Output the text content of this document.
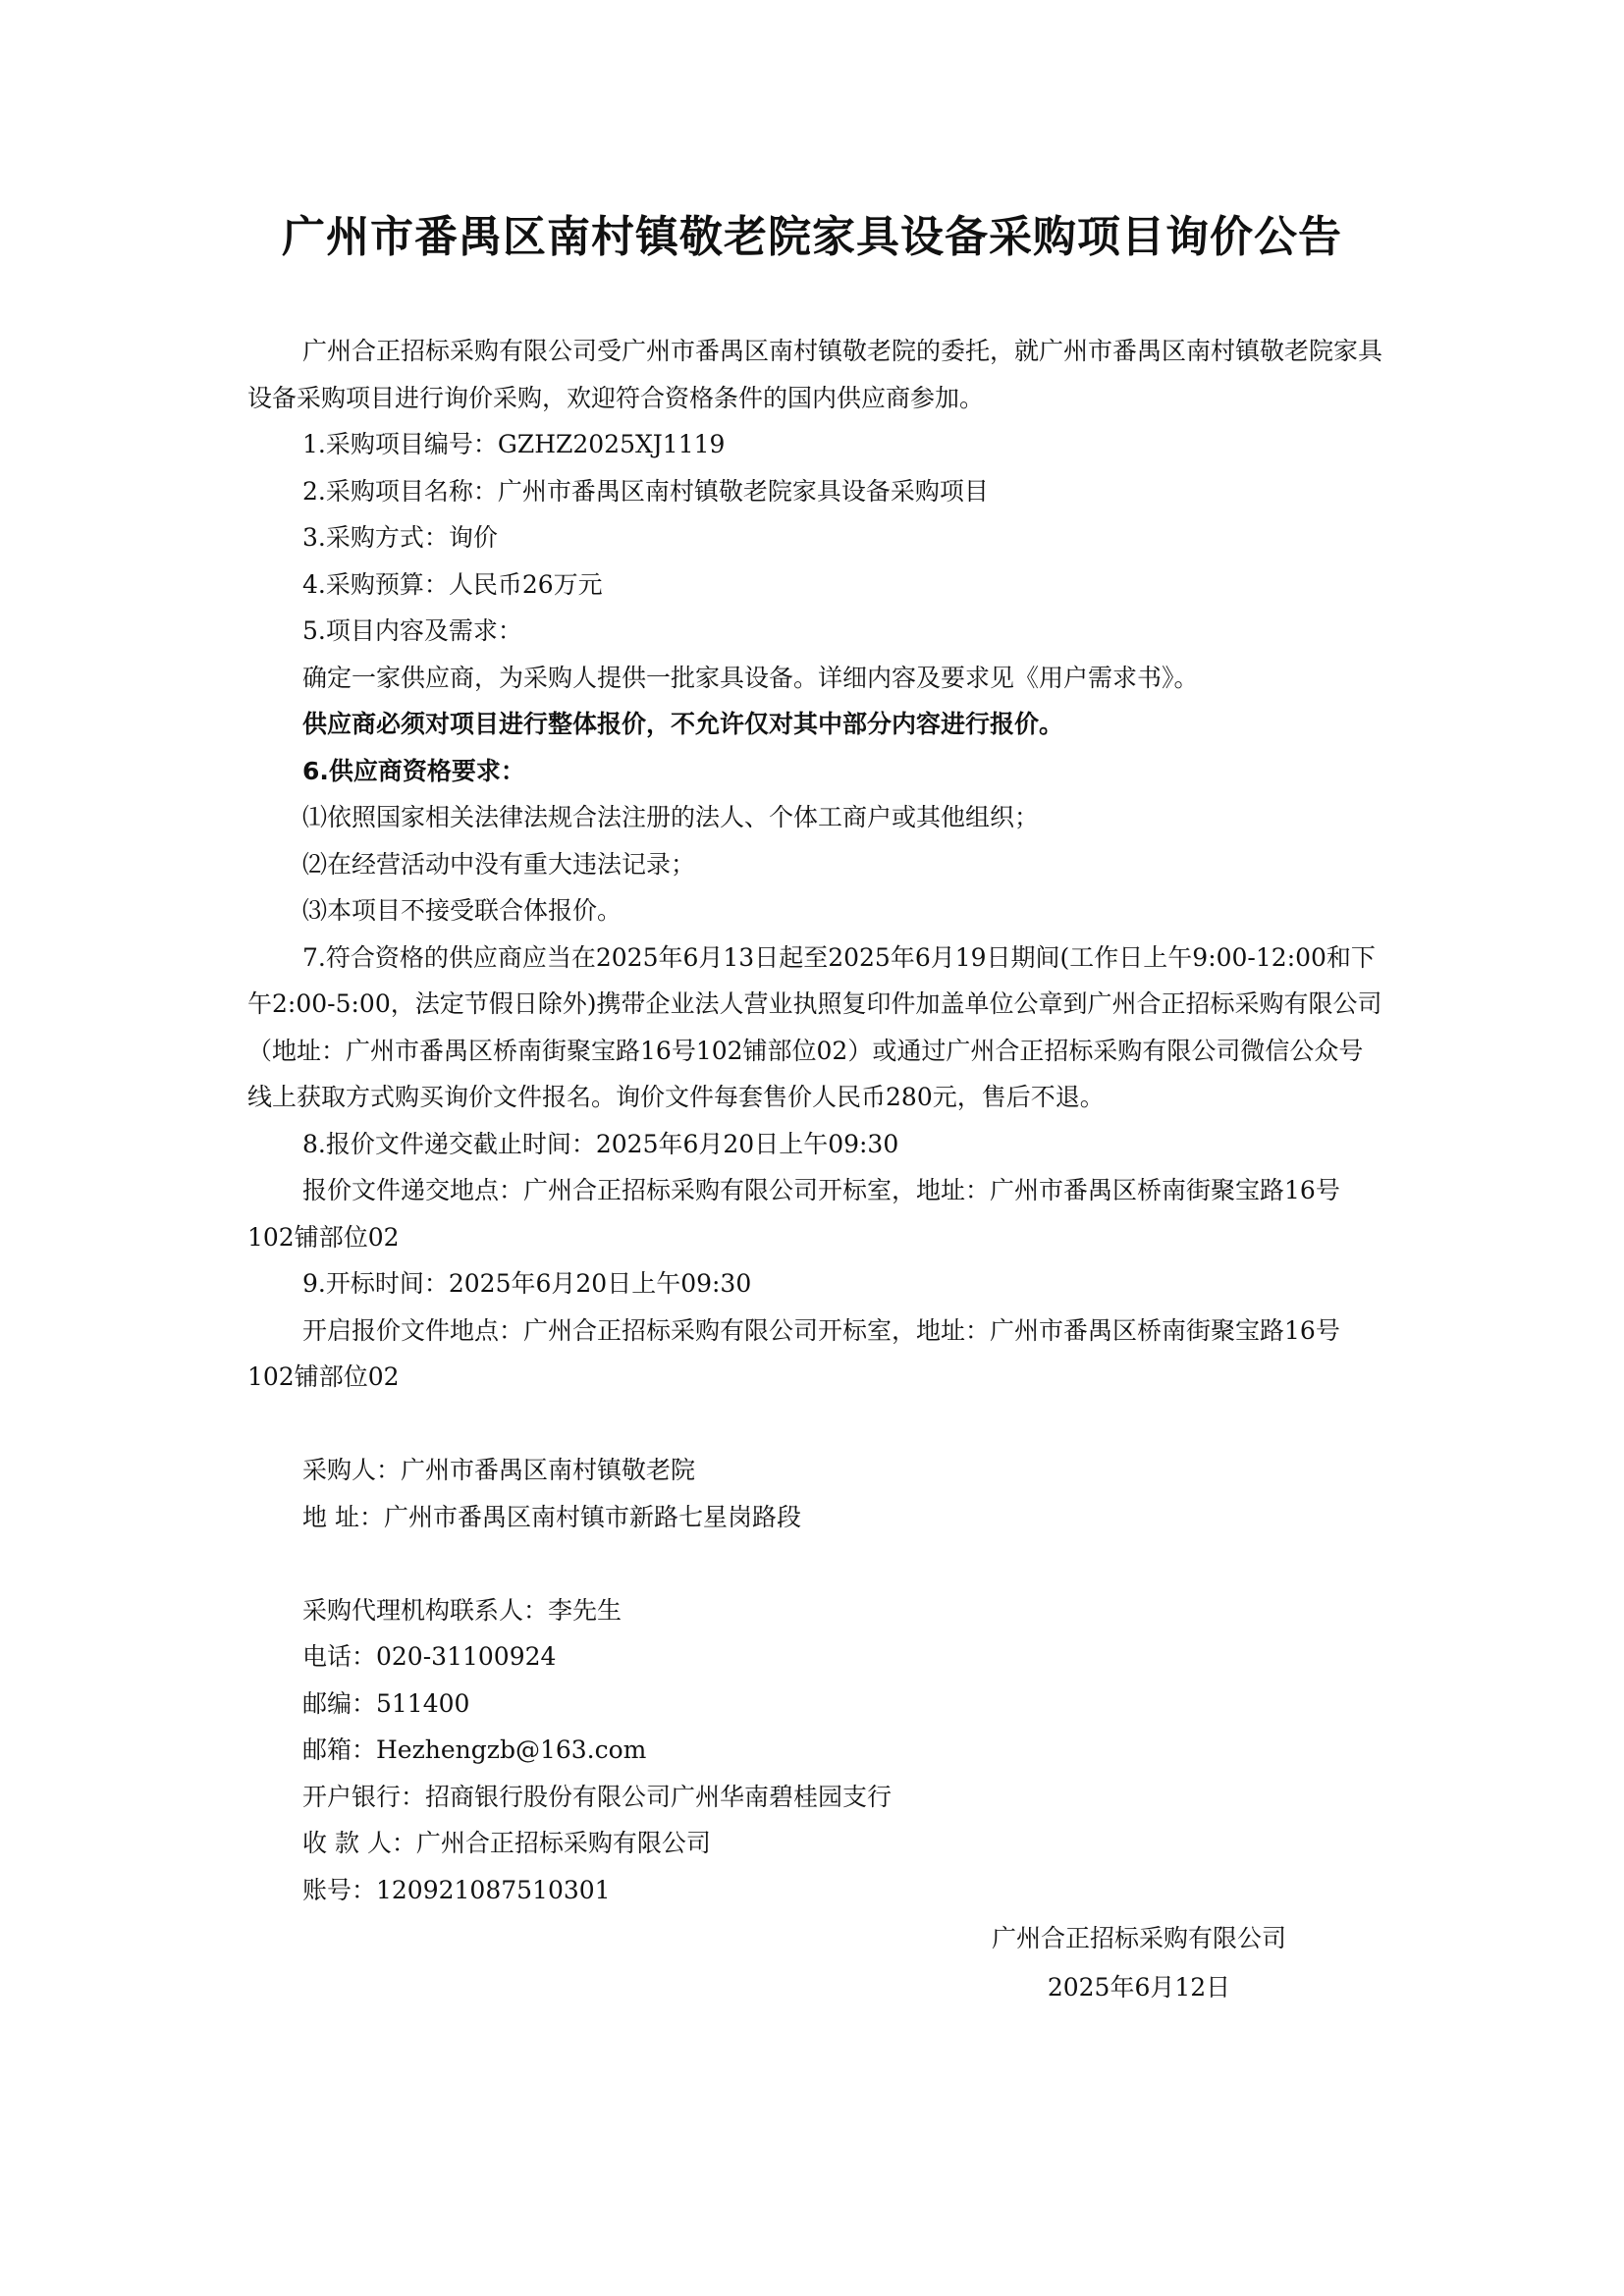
广州市番禺区南村镇敬老院家具设备采购项目询价公告

广州合正招标采购有限公司受广州市番禺区南村镇敬老院的委托，就广州市番禺区南村镇敬老院家具设备采购项目进行询价采购，欢迎符合资格条件的国内供应商参加。

1.采购项目编号：GZHZ2025XJ1119

2.采购项目名称：广州市番禺区南村镇敬老院家具设备采购项目

3.采购方式：询价

4.采购预算：人民币26万元

5.项目内容及需求：

确定一家供应商，为采购人提供一批家具设备。详细内容及要求见《用户需求书》。

供应商必须对项目进行整体报价，不允许仅对其中部分内容进行报价。

6.供应商资格要求：

⑴依照国家相关法律法规合法注册的法人、个体工商户或其他组织；

⑵在经营活动中没有重大违法记录；

⑶本项目不接受联合体报价。

7.符合资格的供应商应当在2025年6月13日起至2025年6月19日期间(工作日上午9:00-12:00和下午2:00-5:00，法定节假日除外)携带企业法人营业执照复印件加盖单位公章到广州合正招标采购有限公司（地址：广州市番禺区桥南街聚宝路16号102铺部位02）或通过广州合正招标采购有限公司微信公众号线上获取方式购买询价文件报名。询价文件每套售价人民币280元，售后不退。

8.报价文件递交截止时间：2025年6月20日上午09:30

报价文件递交地点：广州合正招标采购有限公司开标室，地址：广州市番禺区桥南街聚宝路16号102铺部位02

9.开标时间：2025年6月20日上午09:30

开启报价文件地点：广州合正招标采购有限公司开标室，地址：广州市番禺区桥南街聚宝路16号102铺部位02

采购人：广州市番禺区南村镇敬老院

地 址：广州市番禺区南村镇市新路七星岗路段

采购代理机构联系人：李先生

电话：020-31100924

邮编：511400

邮箱：Hezhengzb@163.com

开户银行：招商银行股份有限公司广州华南碧桂园支行

收 款 人：广州合正招标采购有限公司

账号：120921087510301

广州合正招标采购有限公司
2025年6月12日
